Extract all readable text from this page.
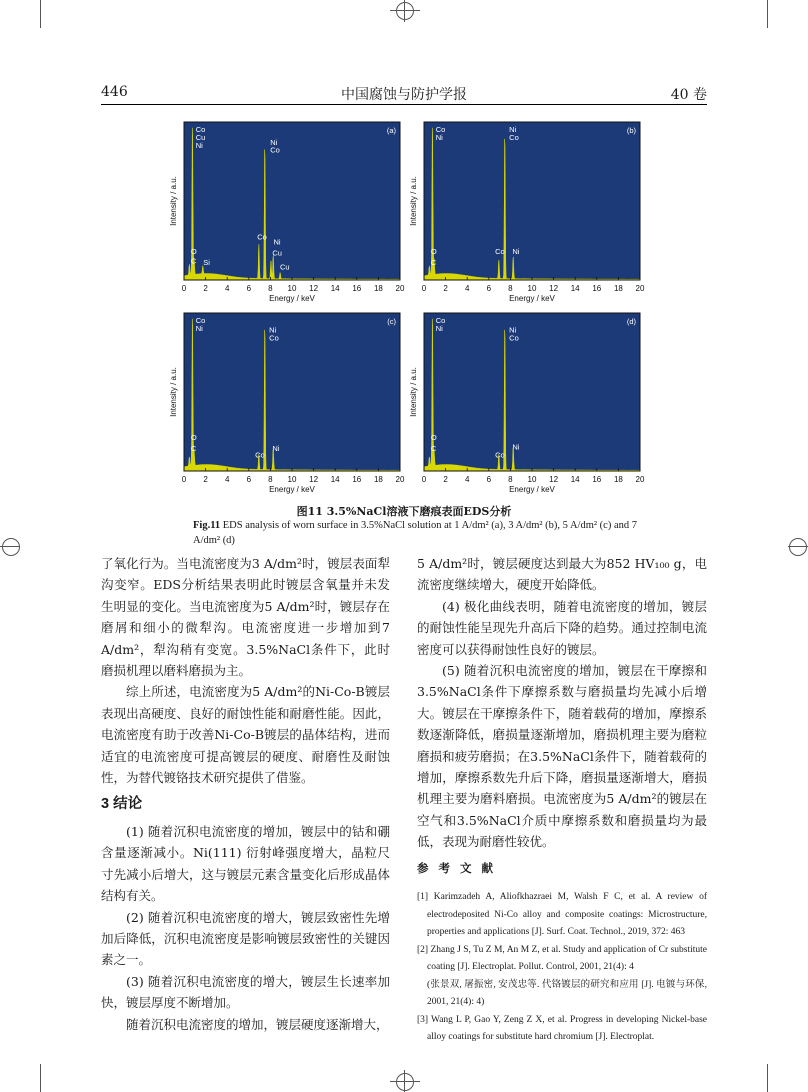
446	中国腐蚀与防护学报	40 卷
Co
Cu
Ni	Ni
Co
O
C Si
Co
Ni
Cu
Cu
(a)
0 2 4 6 8 10 12 14 16 18 20
Energy / keV
Intensity / a.u.
Co
Ni
Ni
Co
O
C
Co Ni
(b)
0 2 4 6 8 10 12 14 16 18 20
Energy / keV
Intensity / a.u.
Co
Ni	Ni
Co
O
C
Co
Ni
(c)
0 2 4 6 8 10 12 14 16 18 20
Energy / keV
Intensity / a.u.
Co
Ni	Ni
Co
O
C
Co
Ni
(d)
0 2 4 6 8 10 12 14 16 18 20
Energy / keV
Intensity / a.u.
图11 3.5%NaCl溶液下磨痕表面EDS分析
Fig.11 EDS analysis of worn surface in 3.5%NaCl solution at 1 A/dm² (a), 3 A/dm² (b), 5 A/dm² (c) and 7 A/dm² (d)

了氧化行为。当电流密度为3 A/dm²时，镀层表面犁沟变窄。EDS分析结果表明此时镀层含氧量并未发生明显的变化。当电流密度为5 A/dm²时，镀层存在磨屑和细小的微犁沟。电流密度进一步增加到7 A/dm²，犁沟稍有变宽。3.5%NaCl条件下，此时磨损机理以磨料磨损为主。

综上所述，电流密度为5 A/dm²的Ni-Co-B镀层表现出高硬度、良好的耐蚀性能和耐磨性能。因此，电流密度有助于改善Ni-Co-B镀层的晶体结构，进而适宜的电流密度可提高镀层的硬度、耐磨性及耐蚀性，为替代镀铬技术研究提供了借鉴。

3 结论

(1) 随着沉积电流密度的增加，镀层中的钴和硼含量逐渐减小。Ni(111) 衍射峰强度增大，晶粒尺寸先减小后增大，这与镀层元素含量变化后形成晶体结构有关。

(2) 随着沉积电流密度的增大，镀层致密性先增加后降低，沉积电流密度是影响镀层致密性的关键因素之一。

(3) 随着沉积电流密度的增大，镀层生长速率加快，镀层厚度不断增加。

随着沉积电流密度的增加，镀层硬度逐渐增大，

5 A/dm²时，镀层硬度达到最大为852 HV₁₀₀ g，电流密度继续增大，硬度开始降低。

(4) 极化曲线表明，随着电流密度的增加，镀层的耐蚀性能呈现先升高后下降的趋势。通过控制电流密度可以获得耐蚀性良好的镀层。

(5) 随着沉积电流密度的增加，镀层在干摩擦和3.5%NaCl条件下摩擦系数与磨损量均先减小后增大。镀层在干摩擦条件下，随着载荷的增加，摩擦系数逐渐降低，磨损量逐渐增加，磨损机理主要为磨粒磨损和疲劳磨损；在3.5%NaCl条件下，随着载荷的增加，摩擦系数先升后下降，磨损量逐渐增大，磨损机理主要为磨料磨损。电流密度为5 A/dm²的镀层在空气和3.5%NaCl介质中摩擦系数和磨损量均为最低，表现为耐磨性较优。

参 考 文 献

[1] Karimzadeh A, Aliofkhazraei M, Walsh F C, et al. A review of electrodeposited Ni-Co alloy and composite coatings: Microstructure, properties and applications [J]. Surf. Coat. Technol., 2019, 372: 463

[2] Zhang J S, Tu Z M, An M Z, et al. Study and application of Cr substitute coating [J]. Electroplat. Pollut. Control, 2001, 21(4): 4

(张景双, 屠振密, 安茂忠等. 代铬镀层的研究和应用 [J]. 电镀与环保, 2001, 21(4): 4)

[3] Wang L P, Gao Y, Zeng Z X, et al. Progress in developing Nickel-base alloy coatings for substitute hard chromium [J]. Electroplat.
